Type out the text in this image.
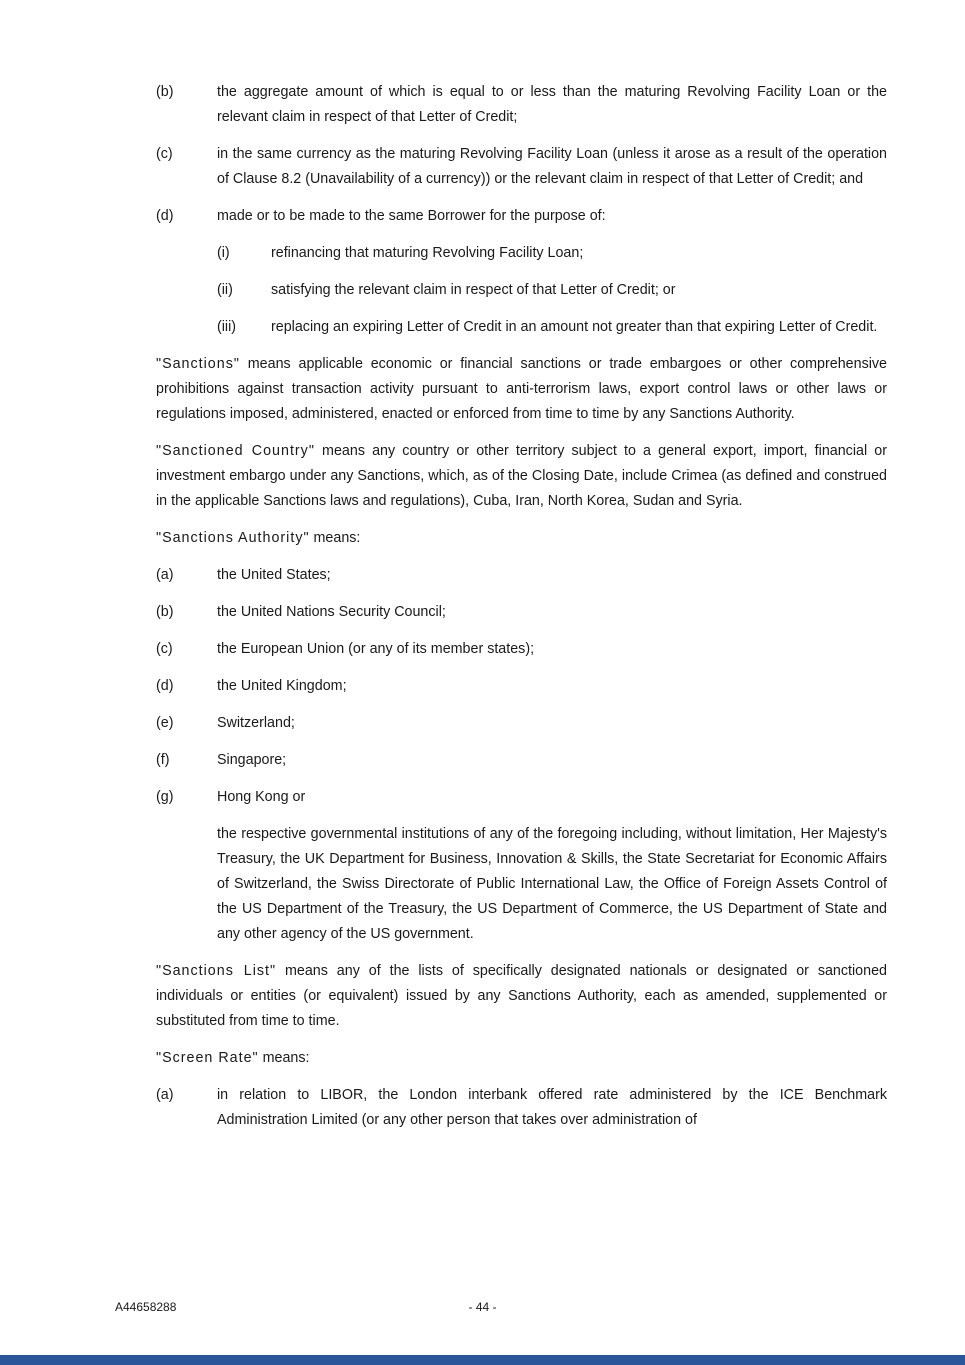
(b)	the aggregate amount of which is equal to or less than the maturing Revolving Facility Loan or the relevant claim in respect of that Letter of Credit;
(c)	in the same currency as the maturing Revolving Facility Loan (unless it arose as a result of the operation of Clause 8.2 (Unavailability of a currency)) or the relevant claim in respect of that Letter of Credit; and
(d)	made or to be made to the same Borrower for the purpose of:
(i)	refinancing that maturing Revolving Facility Loan;
(ii)	satisfying the relevant claim in respect of that Letter of Credit; or
(iii)	replacing an expiring Letter of Credit in an amount not greater than that expiring Letter of Credit.
"Sanctions" means applicable economic or financial sanctions or trade embargoes or other comprehensive prohibitions against transaction activity pursuant to anti-terrorism laws, export control laws or other laws or regulations imposed, administered, enacted or enforced from time to time by any Sanctions Authority.
"Sanctioned Country" means any country or other territory subject to a general export, import, financial or investment embargo under any Sanctions, which, as of the Closing Date, include Crimea (as defined and construed in the applicable Sanctions laws and regulations), Cuba, Iran, North Korea, Sudan and Syria.
"Sanctions Authority" means:
(a)	the United States;
(b)	the United Nations Security Council;
(c)	the European Union (or any of its member states);
(d)	the United Kingdom;
(e)	Switzerland;
(f)	Singapore;
(g)	Hong Kong or
the respective governmental institutions of any of the foregoing including, without limitation, Her Majesty's Treasury, the UK Department for Business, Innovation & Skills, the State Secretariat for Economic Affairs of Switzerland, the Swiss Directorate of Public International Law, the Office of Foreign Assets Control of the US Department of the Treasury, the US Department of Commerce, the US Department of State and any other agency of the US government.
"Sanctions List" means any of the lists of specifically designated nationals or designated or sanctioned individuals or entities (or equivalent) issued by any Sanctions Authority, each as amended, supplemented or substituted from time to time.
"Screen Rate" means:
(a)	in relation to LIBOR, the London interbank offered rate administered by the ICE Benchmark Administration Limited (or any other person that takes over administration of
A44658288	- 44 -
